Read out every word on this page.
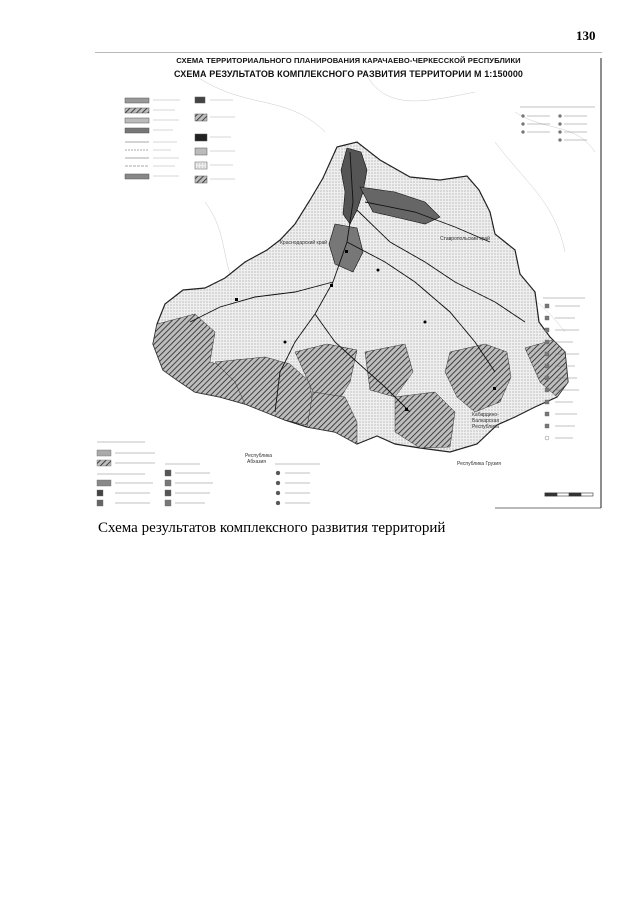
130
СХЕМА ТЕРРИТОРИАЛЬНОГО ПЛАНИРОВАНИЯ КАРАЧАЕВО-ЧЕРКЕССКОЙ РЕСПУБЛИКИ
СХЕМА РЕЗУЛЬТАТОВ КОМПЛЕКСНОГО РАЗВИТИЯ ТЕРРИТОРИИ М 1:150000
Краснодарский край
Ставропольский край
Кабардино-
Балкарская
Республика
Республика
Абхазия	Республика Грузия
Схема результатов комплексного развития территорий
